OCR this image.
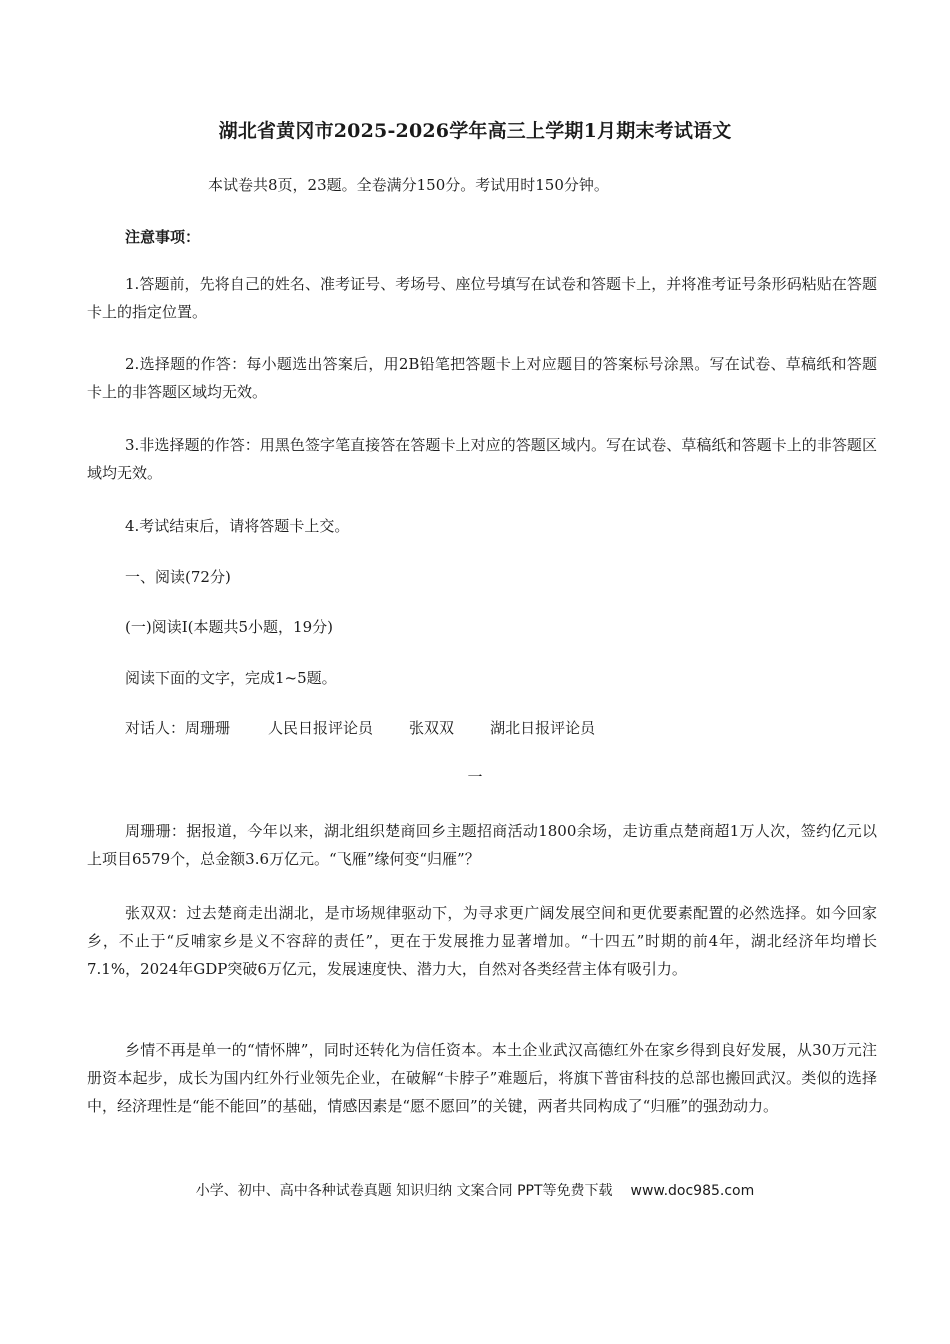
湖北省黄冈市2025-2026学年高三上学期1月期末考试语文
本试卷共8页，23题。全卷满分150分。考试用时150分钟。
注意事项：

1.答题前，先将自己的姓名、准考证号、考场号、座位号填写在试卷和答题卡上，并将准考证号条形码粘贴在答题卡上的指定位置。

2.选择题的作答：每小题选出答案后，用2B铅笔把答题卡上对应题目的答案标号涂黑。写在试卷、草稿纸和答题卡上的非答题区域均无效。

3.非选择题的作答：用黑色签字笔直接答在答题卡上对应的答题区域内。写在试卷、草稿纸和答题卡上的非答题区域均无效。

4.考试结束后，请将答题卡上交。
一、阅读(72分)
(一)阅读Ⅰ(本题共5小题，19分)
阅读下面的文字，完成1~5题。
对话人：周珊珊	人民日报评论员 张双双 湖北日报评论员
一

周珊珊：据报道，今年以来，湖北组织楚商回乡主题招商活动1800余场，走访重点楚商超1万人次，签约亿元以上项目6579个，总金额3.6万亿元。“飞雁”缘何变“归雁”？

张双双：过去楚商走出湖北，是市场规律驱动下，为寻求更广阔发展空间和更优要素配置的必然选择。如今回家乡，不止于“反哺家乡是义不容辞的责任”，更在于发展推力显著增加。“十四五”时期的前4年，湖北经济年均增长7.1%，2024年GDP突破6万亿元，发展速度快、潜力大，自然对各类经营主体有吸引力。

乡情不再是单一的“情怀牌”，同时还转化为信任资本。本土企业武汉高德红外在家乡得到良好发展，从30万元注册资本起步，成长为国内红外行业领先企业，在破解“卡脖子”难题后，将旗下普宙科技的总部也搬回武汉。类似的选择中，经济理性是“能不能回”的基础，情感因素是“愿不愿回”的关键，两者共同构成了“归雁”的强劲动力。

小学、初中、高中各种试卷真题 知识归纳 文案合同 PPT等免费下载 www.doc985.com
